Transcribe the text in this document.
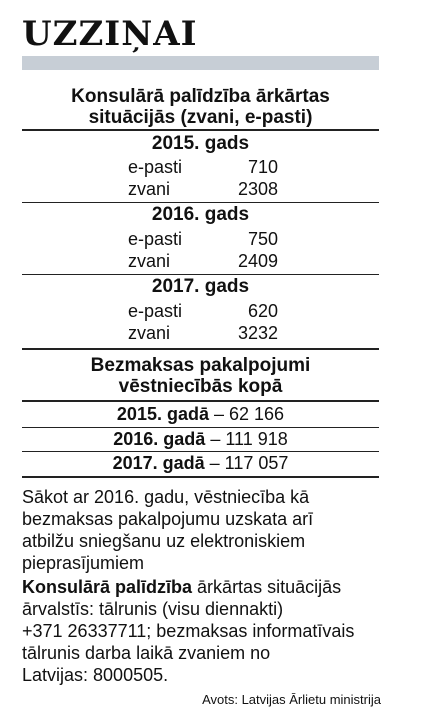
UZZIŅAI
Konsulārā palīdzība ārkārtas
situācijās (zvani, e-pasti)
2015. gads
e-pasti	710
zvani	2308
2016. gads
e-pasti	750
zvani	2409
2017. gads
e-pasti	620
zvani	3232
Bezmaksas pakalpojumi
vēstniecībās kopā
2015. gadā – 62 166
2016. gadā – 111 918
2017. gadā – 117 057
Sākot ar 2016. gadu, vēstniecība kā
bezmaksas pakalpojumu uzskata arī
atbilžu sniegšanu uz elektroniskiem
pieprasījumiem
Konsulārā palīdzība ārkārtas situācijās
ārvalstīs: tālrunis (visu diennakti)
+371 26337711; bezmaksas informatīvais
tālrunis darba laikā zvaniem no
Latvijas: 8000505.
Avots: Latvijas Ārlietu ministrija
